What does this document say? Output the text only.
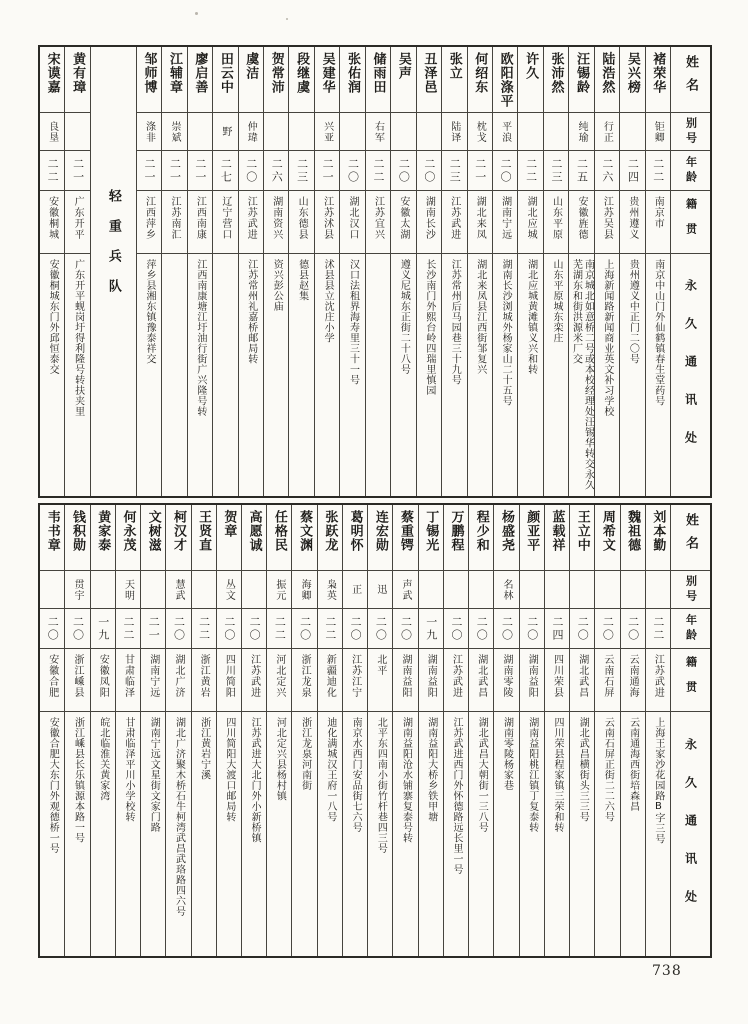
姓名
别号
年龄
籍贯
永久通讯处
褚荣华
钜卿
二二
南京市
南京中山门外仙鹤镇春生堂药号
吴兴榜
二四
贵州遵义
贵州遵义中正门二〇号
陆浩然
行正
二六
江苏吴县
上海新闻路新闻商业英文补习学校
汪锡龄
纯瑜
二五
安徽旌德
南京城北如意桥二号或本校经理处汪锡华转交永久芜湖东和街洪源米厂交
张沛然
二三
山东平原
山东平原城东栾庄
许久
二二
湖北应城
湖北应城黄滩镇义兴和转
欧阳涤平
平浪
二〇
湖南宁远
湖南长沙浏城外杨家山二十五号
何绍东
枕戈
二一
湖北来凤
湖北来凤县江西街邹复兴
张立
陆译
二三
江苏武进
江苏常州后马园巷三十九号
丑泽邑
二〇
湖南长沙
长沙南门外熙台岭四瑞里慎园
吴声
二〇
安徽太湖
遵义尼城东正街二十八号
储雨田
右军
二二
江苏宜兴
张佑润
二〇
湖北汉口
汉口法租界海寿里三十一号
吴建华
兴亚
二一
江苏沭县
沭县县立沈庄小学
段继虞
二三
山东德县
德县赵集
贺常沛
二六
湖南资兴
资兴彭公庙
虞洁
仲瑋
二〇
江苏武进
江苏常州礼嘉桥邮局转
田云中
野
二七
辽宁营口
廖启善
二一
江西南康
江西南康塘江圩油行街广兴隆号转
江辅章
崇斌
二一
江苏南汇
邹师博
涤非
二一
江西萍乡
萍乡县湘东镇豫泰祥交
轻重兵队
黄有璋
二一
广东开平
广东开平蚬岗圩得利隆号转扶夹里
宋谟嘉
良垦
二二
安徽桐城
安徽桐城东门外邱恒泰交
姓名
别号
年龄
籍贯
永久通讯处
刘本勤
二二
江苏武进
上海王家沙花园路B字三号
魏祖德
二〇
云南通海
云南通海西街培森昌
周希文
二〇
云南石屏
云南石屏正街二二六号
王立中
二〇
湖北武昌
湖北武昌横街头三三号
蓝载祥
二四
四川荣县
四川荣县程家镇三荣和转
颜亚平
二〇
湖南益阳
湖南益阳桃江镇丁复泰转
杨盛尧
名林
二〇
湖南零陵
湖南零陵杨家巷
程少和
二〇
湖北武昌
湖北武昌大朝街一三八号
万鹏程
二〇
江苏武进
江苏武进西门外怀德路远长里一号
丁锡光
一九
湖南益阳
湖南益阳大桥乡铁甲塘
蔡重锷
声武
二〇
湖南益阳
湖南益阳沧水铺寨复泰号转
连宏勋
迅
二〇
北平
北平东四南小街竹杆巷四三号
葛明怀
正
二〇
江苏江宁
南京水西门安品街七六号
张跃龙
枭英
二二
新疆迪化
迪化满城汉王府一八号
蔡文渊
海卿
二〇
浙江龙泉
浙江龙泉河南街
任格民
振元
二二
河北定兴
河北定兴县杨村镇
高愿诚
二〇
江苏武进
江苏武进大北门外小新桥镇
贺章
丛文
二〇
四川简阳
四川简阳大渡口邮局转
王贤直
二二
浙江黄岩
浙江黄岩宁溪
柯汉才
慧武
二〇
湖北广济
湖北广济聚木桥石牛柯湾武昌武珞路四六号
文树滋
二一
湖南宁远
湖南宁远文星街文家门路
何永茂
天明
二二
甘肃临泽
甘肃临泽平川小学校转
黄家泰
一九
安徽凤阳
皖北临淮关黄家湾
钱积勋
贯宇
二〇
浙江嵊县
浙江嵊县长乐镇源本路一号
韦书章
二〇
安徽合肥
安徽合肥大东门外观德桥一号
738
